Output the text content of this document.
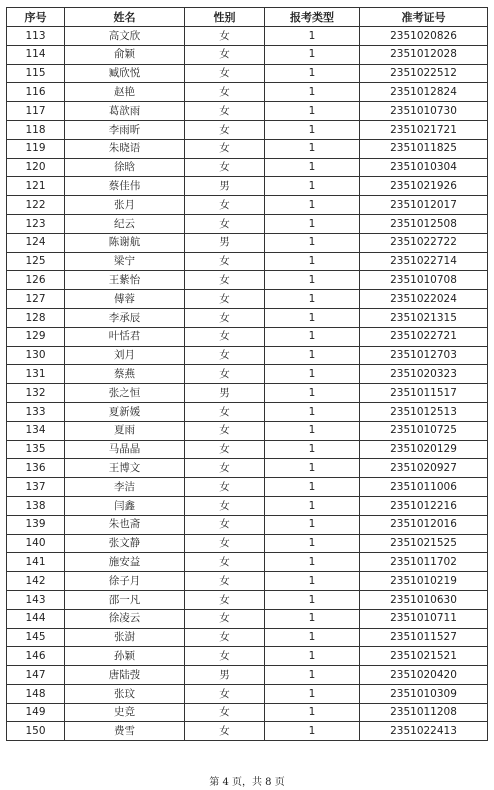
序号	姓名	性别	报考类型	准考证号
113	高文欣	女	1	2351020826
114	俞颖	女	1	2351012028
115	臧欣悦	女	1	2351022512
116	赵艳	女	1	2351012824
117	葛歆雨	女	1	2351010730
118	李雨昕	女	1	2351021721
119	朱晓语	女	1	2351011825
120	徐晗	女	1	2351010304
121	蔡佳伟	男	1	2351021926
122	张月	女	1	2351012017
123	纪云	女	1	2351012508
124	陈谢航	男	1	2351022722
125	梁宁	女	1	2351022714
126	王紫怡	女	1	2351010708
127	傅蓉	女	1	2351022024
128	李承辰	女	1	2351021315
129	叶恬君	女	1	2351022721
130	刘月	女	1	2351012703
131	蔡燕	女	1	2351020323
132	张之恒	男	1	2351011517
133	夏新媛	女	1	2351012513
134	夏雨	女	1	2351010725
135	马晶晶	女	1	2351020129
136	王博文	女	1	2351020927
137	李洁	女	1	2351011006
138	闫鑫	女	1	2351012216
139	朱也斋	女	1	2351012016
140	张文静	女	1	2351021525
141	施安益	女	1	2351011702
142	徐子月	女	1	2351010219
143	邵一凡	女	1	2351010630
144	徐凌云	女	1	2351010711
145	张澍	女	1	2351011527
146	孙颖	女	1	2351021521
147	唐陆弢	男	1	2351020420
148	张玟	女	1	2351010309
149	史竞	女	1	2351011208
150	费雪	女	1	2351022413
第 4 页，共 8 页
